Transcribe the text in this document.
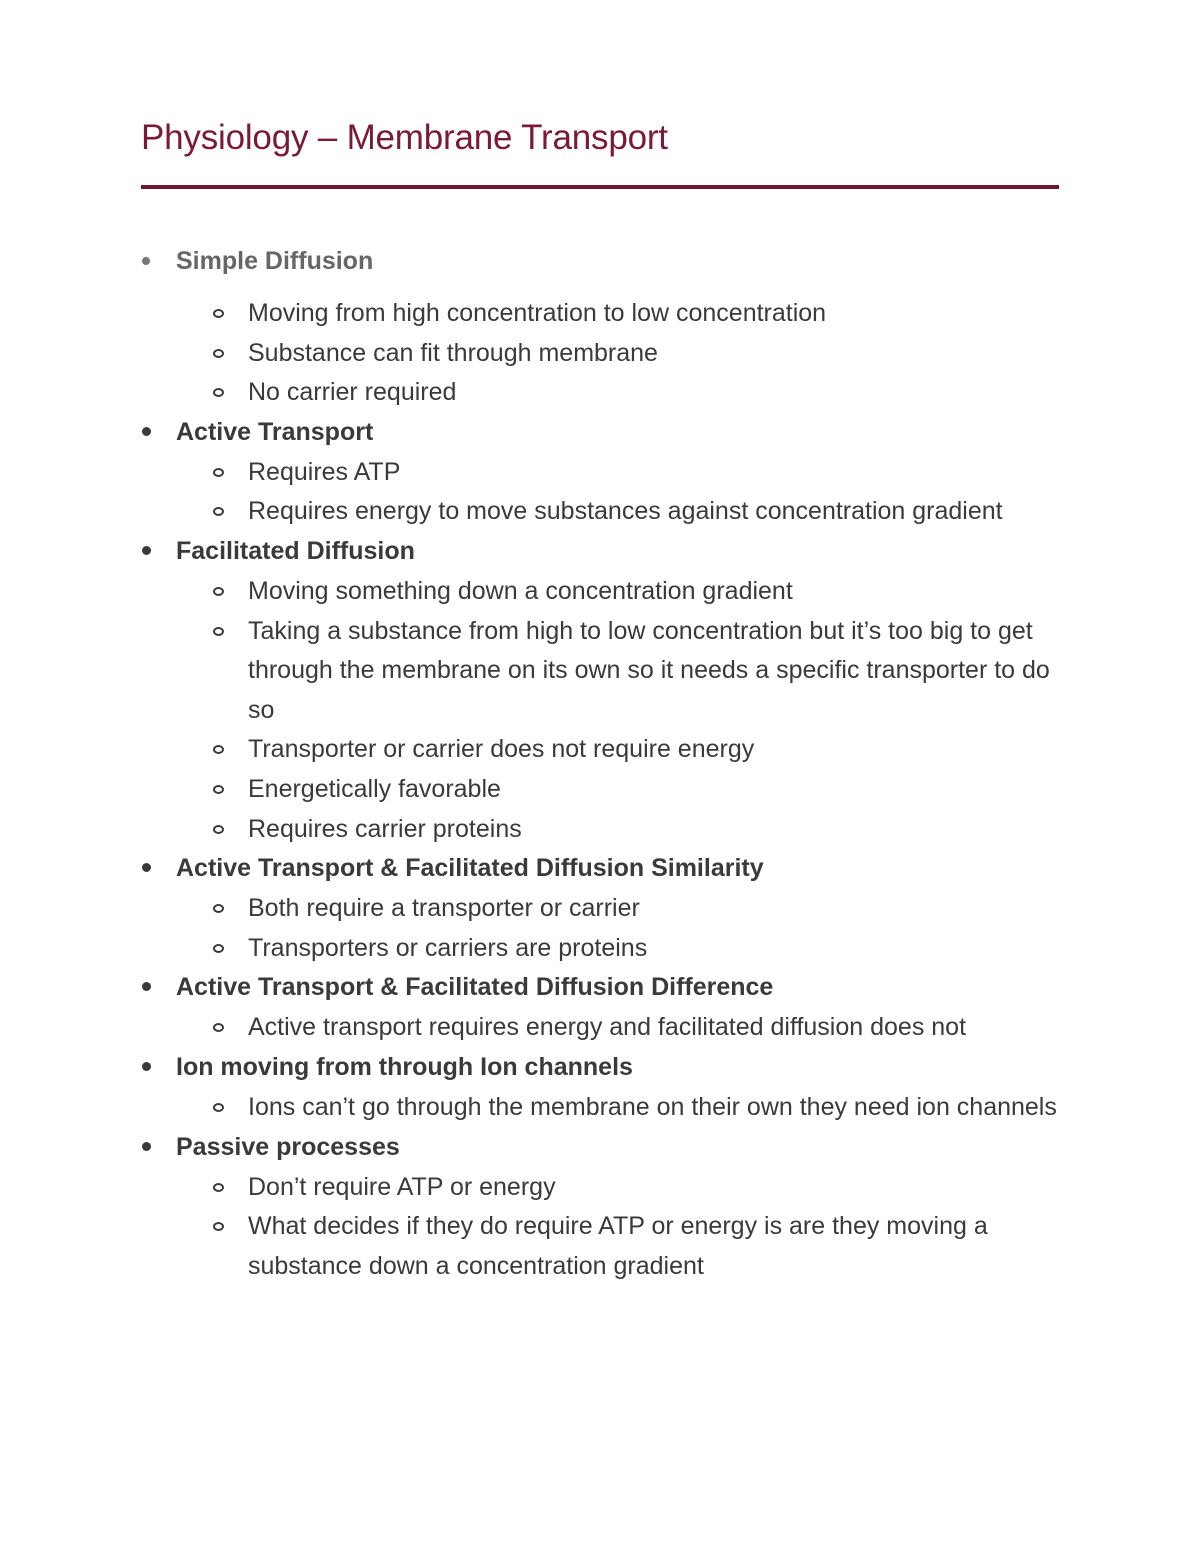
Physiology – Membrane Transport
Simple Diffusion
Moving from high concentration to low concentration
Substance can fit through membrane
No carrier required
Active Transport
Requires ATP
Requires energy to move substances against concentration gradient
Facilitated Diffusion
Moving something down a concentration gradient
Taking a substance from high to low concentration but it’s too big to get through the membrane on its own so it needs a specific transporter to do so
Transporter or carrier does not require energy
Energetically favorable
Requires carrier proteins
Active Transport & Facilitated Diffusion Similarity
Both require a transporter or carrier
Transporters or carriers are proteins
Active Transport & Facilitated Diffusion Difference
Active transport requires energy and facilitated diffusion does not
Ion moving from through Ion channels
Ions can’t go through the membrane on their own they need ion channels
Passive processes
Don’t require ATP or energy
What decides if they do require ATP or energy is are they moving a substance down a concentration gradient
